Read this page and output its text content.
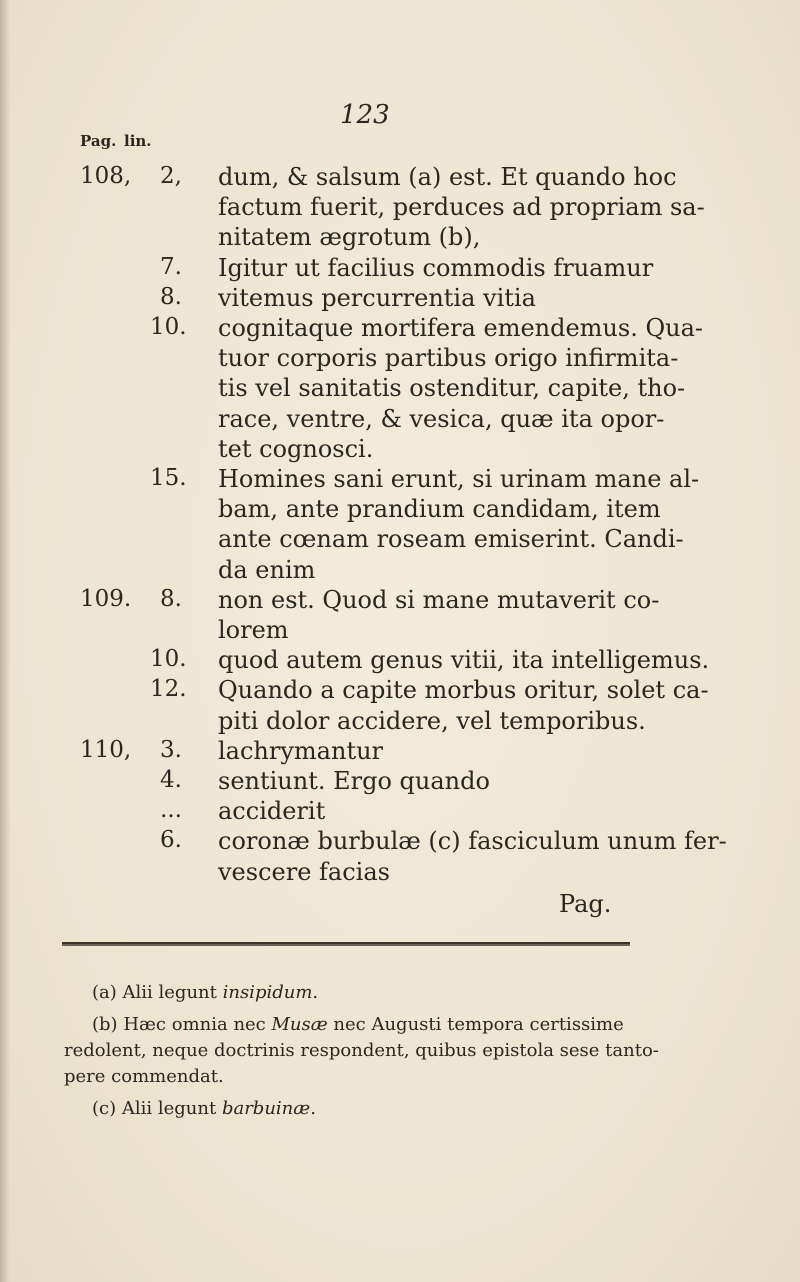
123
Pag. lin.
108,	2, dum, & salsum (a) est. Et quando hoc
factum fuerit, perduces ad propriam sa-
nitatem ægrotum (b),
7. Igitur ut facilius commodis fruamur
8. vitemus percurrentia vitia
10. cognitaque mortifera emendemus. Qua-
tuor corporis partibus origo infirmita-
tis vel sanitatis ostenditur, capite, tho-
race, ventre, & vesica, quæ ita opor-
tet cognosci.
15. Homines sani erunt, si urinam mane al-
bam, ante prandium candidam, item
ante cœnam roseam emiserint. Candi-
da enim
109.	8. non est. Quod si mane mutaverit co-
lorem
10. quod autem genus vitii, ita intelligemus.
12. Quando a capite morbus oritur, solet ca-
piti dolor accidere, vel temporibus.
110,	3. lachrymantur
4. sentiunt. Ergo quando
... acciderit
6. coronæ burbulæ (c) fasciculum unum fer-
vescere facias
Pag.
(a) Alii legunt insipidum.
(b) Hæc omnia nec Musæ nec Augusti tempora certissime
redolent, neque doctrinis respondent, quibus epistola sese tanto-
pere commendat.
(c) Alii legunt barbuinæ.
